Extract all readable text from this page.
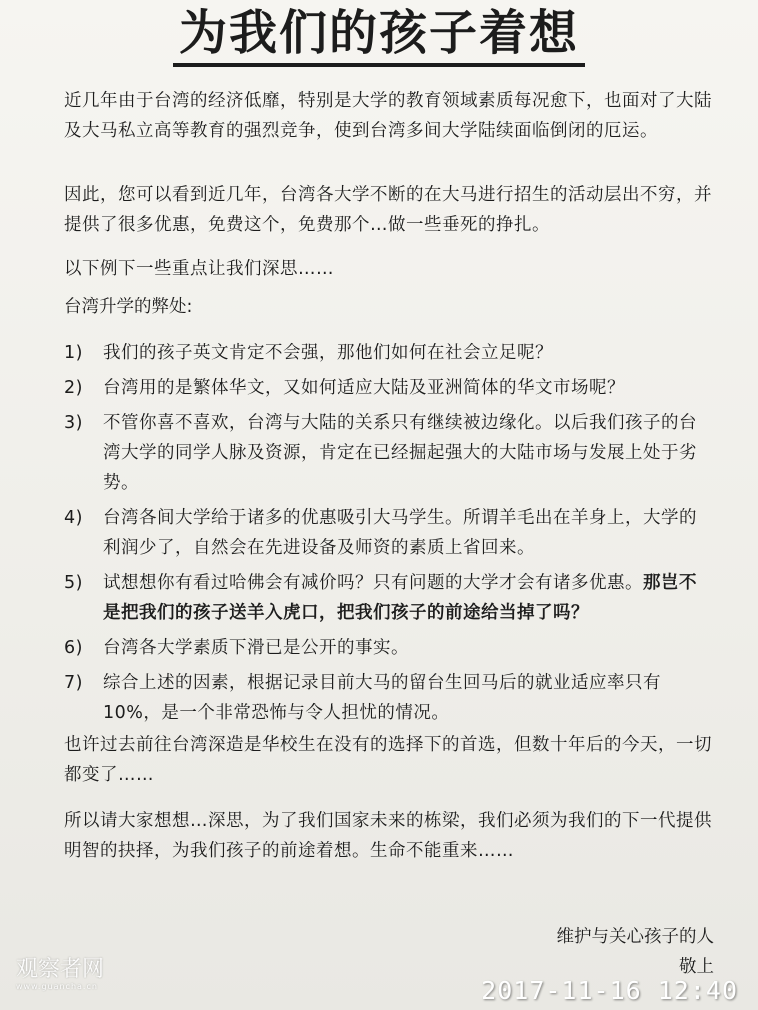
为我们的孩子着想

近几年由于台湾的经济低靡，特别是大学的教育领域素质每况愈下，也面对了大陆及大马私立高等教育的强烈竞争，使到台湾多间大学陆续面临倒闭的厄运。

因此，您可以看到近几年，台湾各大学不断的在大马进行招生的活动层出不穷，并提供了很多优惠，免费这个，免费那个…做一些垂死的挣扎。

以下例下一些重点让我们深思……

台湾升学的弊处:
1)	我们的孩子英文肯定不会强，那他们如何在社会立足呢？
2)	台湾用的是繁体华文，又如何适应大陆及亚洲简体的华文市场呢？
3)	不管你喜不喜欢，台湾与大陆的关系只有继续被边缘化。以后我们孩子的台湾大学的同学人脉及资源，肯定在已经掘起强大的大陆市场与发展上处于劣势。
4)	台湾各间大学给于诸多的优惠吸引大马学生。所谓羊毛出在羊身上，大学的利润少了，自然会在先进设备及师资的素质上省回来。
5)	试想想你有看过哈佛会有减价吗？只有问题的大学才会有诸多优惠。那岂不是把我们的孩子送羊入虎口，把我们孩子的前途给当掉了吗？
6)	台湾各大学素质下滑已是公开的事实。
7)	综合上述的因素，根据记录目前大马的留台生回马后的就业适应率只有 10%，是一个非常恐怖与令人担忧的情况。

也许过去前往台湾深造是华校生在没有的选择下的首选，但数十年后的今天，一切都变了……

所以请大家想想…深思，为了我们国家未来的栋梁，我们必须为我们的下一代提供明智的抉择，为我们孩子的前途着想。生命不能重来……

维护与关心孩子的人
敬上
观察者网
www.guancha.cn	2017-11-16 12:40
